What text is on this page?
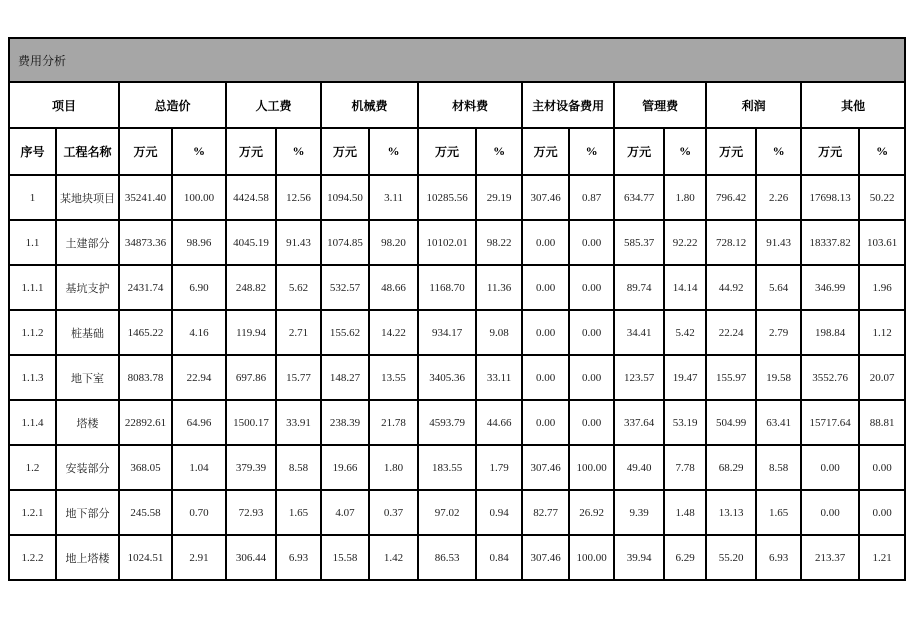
费用分析
项目		总造价		人工费		机械费		材料费		主材设备费用		管理费		利润		其他	
序号	工程名称	万元	%	万元	%	万元	%	万元	%	万元	%	万元	%	万元	%	万元	%
1	某地块项目	35241.40	100.00	4424.58	12.56	1094.50	3.11	10285.56	29.19	307.46	0.87	634.77	1.80	796.42	2.26	17698.13	50.22
1.1	土建部分	34873.36	98.96	4045.19	91.43	1074.85	98.20	10102.01	98.22	0.00	0.00	585.37	92.22	728.12	91.43	18337.82	103.61
1.1.1	基坑支护	2431.74	6.90	248.82	5.62	532.57	48.66	1168.70	11.36	0.00	0.00	89.74	14.14	44.92	5.64	346.99	1.96
1.1.2	桩基础	1465.22	4.16	119.94	2.71	155.62	14.22	934.17	9.08	0.00	0.00	34.41	5.42	22.24	2.79	198.84	1.12
1.1.3	地下室	8083.78	22.94	697.86	15.77	148.27	13.55	3405.36	33.11	0.00	0.00	123.57	19.47	155.97	19.58	3552.76	20.07
1.1.4	塔楼	22892.61	64.96	1500.17	33.91	238.39	21.78	4593.79	44.66	0.00	0.00	337.64	53.19	504.99	63.41	15717.64	88.81
1.2	安装部分	368.05	1.04	379.39	8.58	19.66	1.80	183.55	1.79	307.46	100.00	49.40	7.78	68.29	8.58	0.00	0.00
1.2.1	地下部分	245.58	0.70	72.93	1.65	4.07	0.37	97.02	0.94	82.77	26.92	9.39	1.48	13.13	1.65	0.00	0.00
1.2.2	地上塔楼	1024.51	2.91	306.44	6.93	15.58	1.42	86.53	0.84	307.46	100.00	39.94	6.29	55.20	6.93	213.37	1.21
